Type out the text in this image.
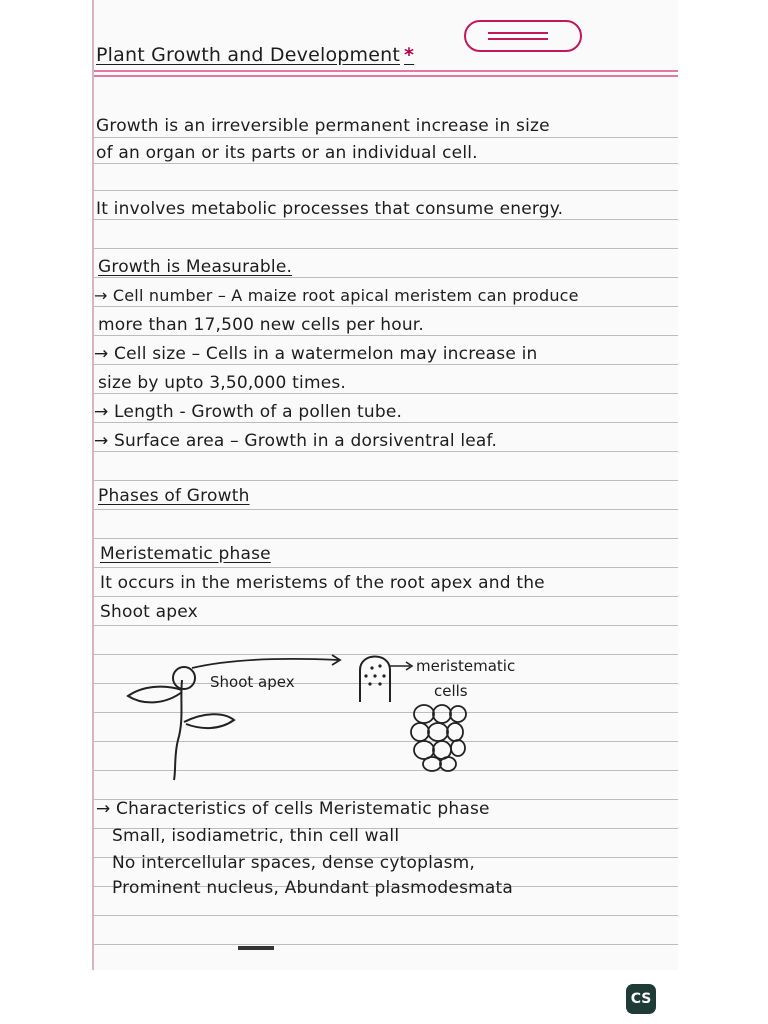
Plant Growth and Development *
Growth is an irreversible permanent increase in size
of an organ or its parts or an individual cell.
It involves metabolic processes that consume energy.
Growth is Measurable.
→ Cell number – A maize root apical meristem can produce
more than 17,500 new cells per hour.
→ Cell size – Cells in a watermelon may increase in
size by upto 3,50,000 times.
→ Length - Growth of a pollen tube.
→ Surface area – Growth in a dorsiventral leaf.
Phases of Growth
Meristematic phase
It occurs in the meristems of the root apex and the
Shoot apex
Shoot apex
meristematic
cells
→ Characteristics of cells Meristematic phase
Small, isodiametric, thin cell wall
No intercellular spaces, dense cytoplasm,
Prominent nucleus, Abundant plasmodesmata
CS
